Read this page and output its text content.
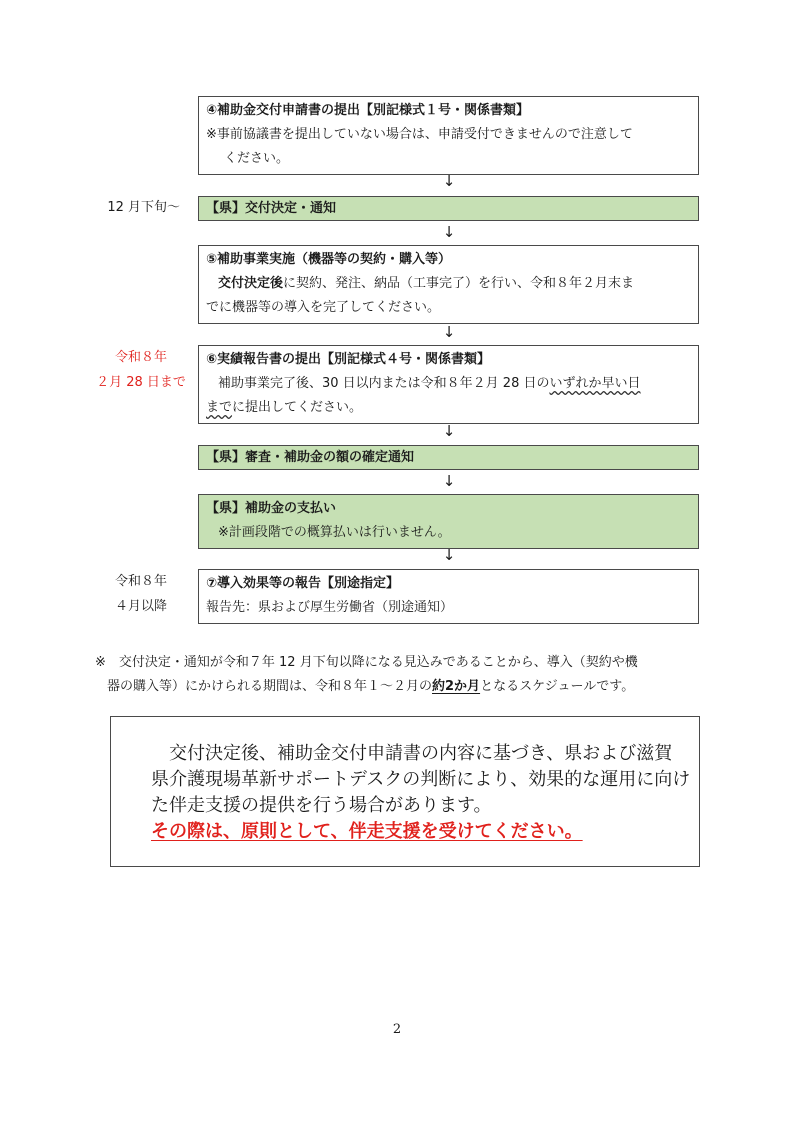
④補助金交付申請書の提出【別記様式１号・関係書類】
※事前協議書を提出していない場合は、申請受付できませんので注意して
ください。
↓
12 月下旬～ 【県】交付決定・通知
↓
⑤補助事業実施（機器等の契約・購入等）
交付決定後に契約、発注、納品（工事完了）を行い、令和８年２月末ま
でに機器等の導入を完了してください。
↓
令和８年
２月 28 日まで
⑥実績報告書の提出【別記様式４号・関係書類】
補助事業完了後、30 日以内または令和８年２月 28 日のいずれか早い日
までに提出してください。
↓
【県】審査・補助金の額の確定通知
↓
【県】補助金の支払い
※計画段階での概算払いは行いません。
↓
令和８年
４月以降
⑦導入効果等の報告【別途指定】
報告先：県および厚生労働省（別途通知）
※　交付決定・通知が令和７年 12 月下旬以降になる見込みであることから、導入（契約や機
器の購入等）にかけられる期間は、令和８年１～２月の約2か月となるスケジュールです。
交付決定後、補助金交付申請書の内容に基づき、県および滋賀
県介護現場革新サポートデスクの判断により、効果的な運用に向け
た伴走支援の提供を行う場合があります。
その際は、原則として、伴走支援を受けてください。
2
